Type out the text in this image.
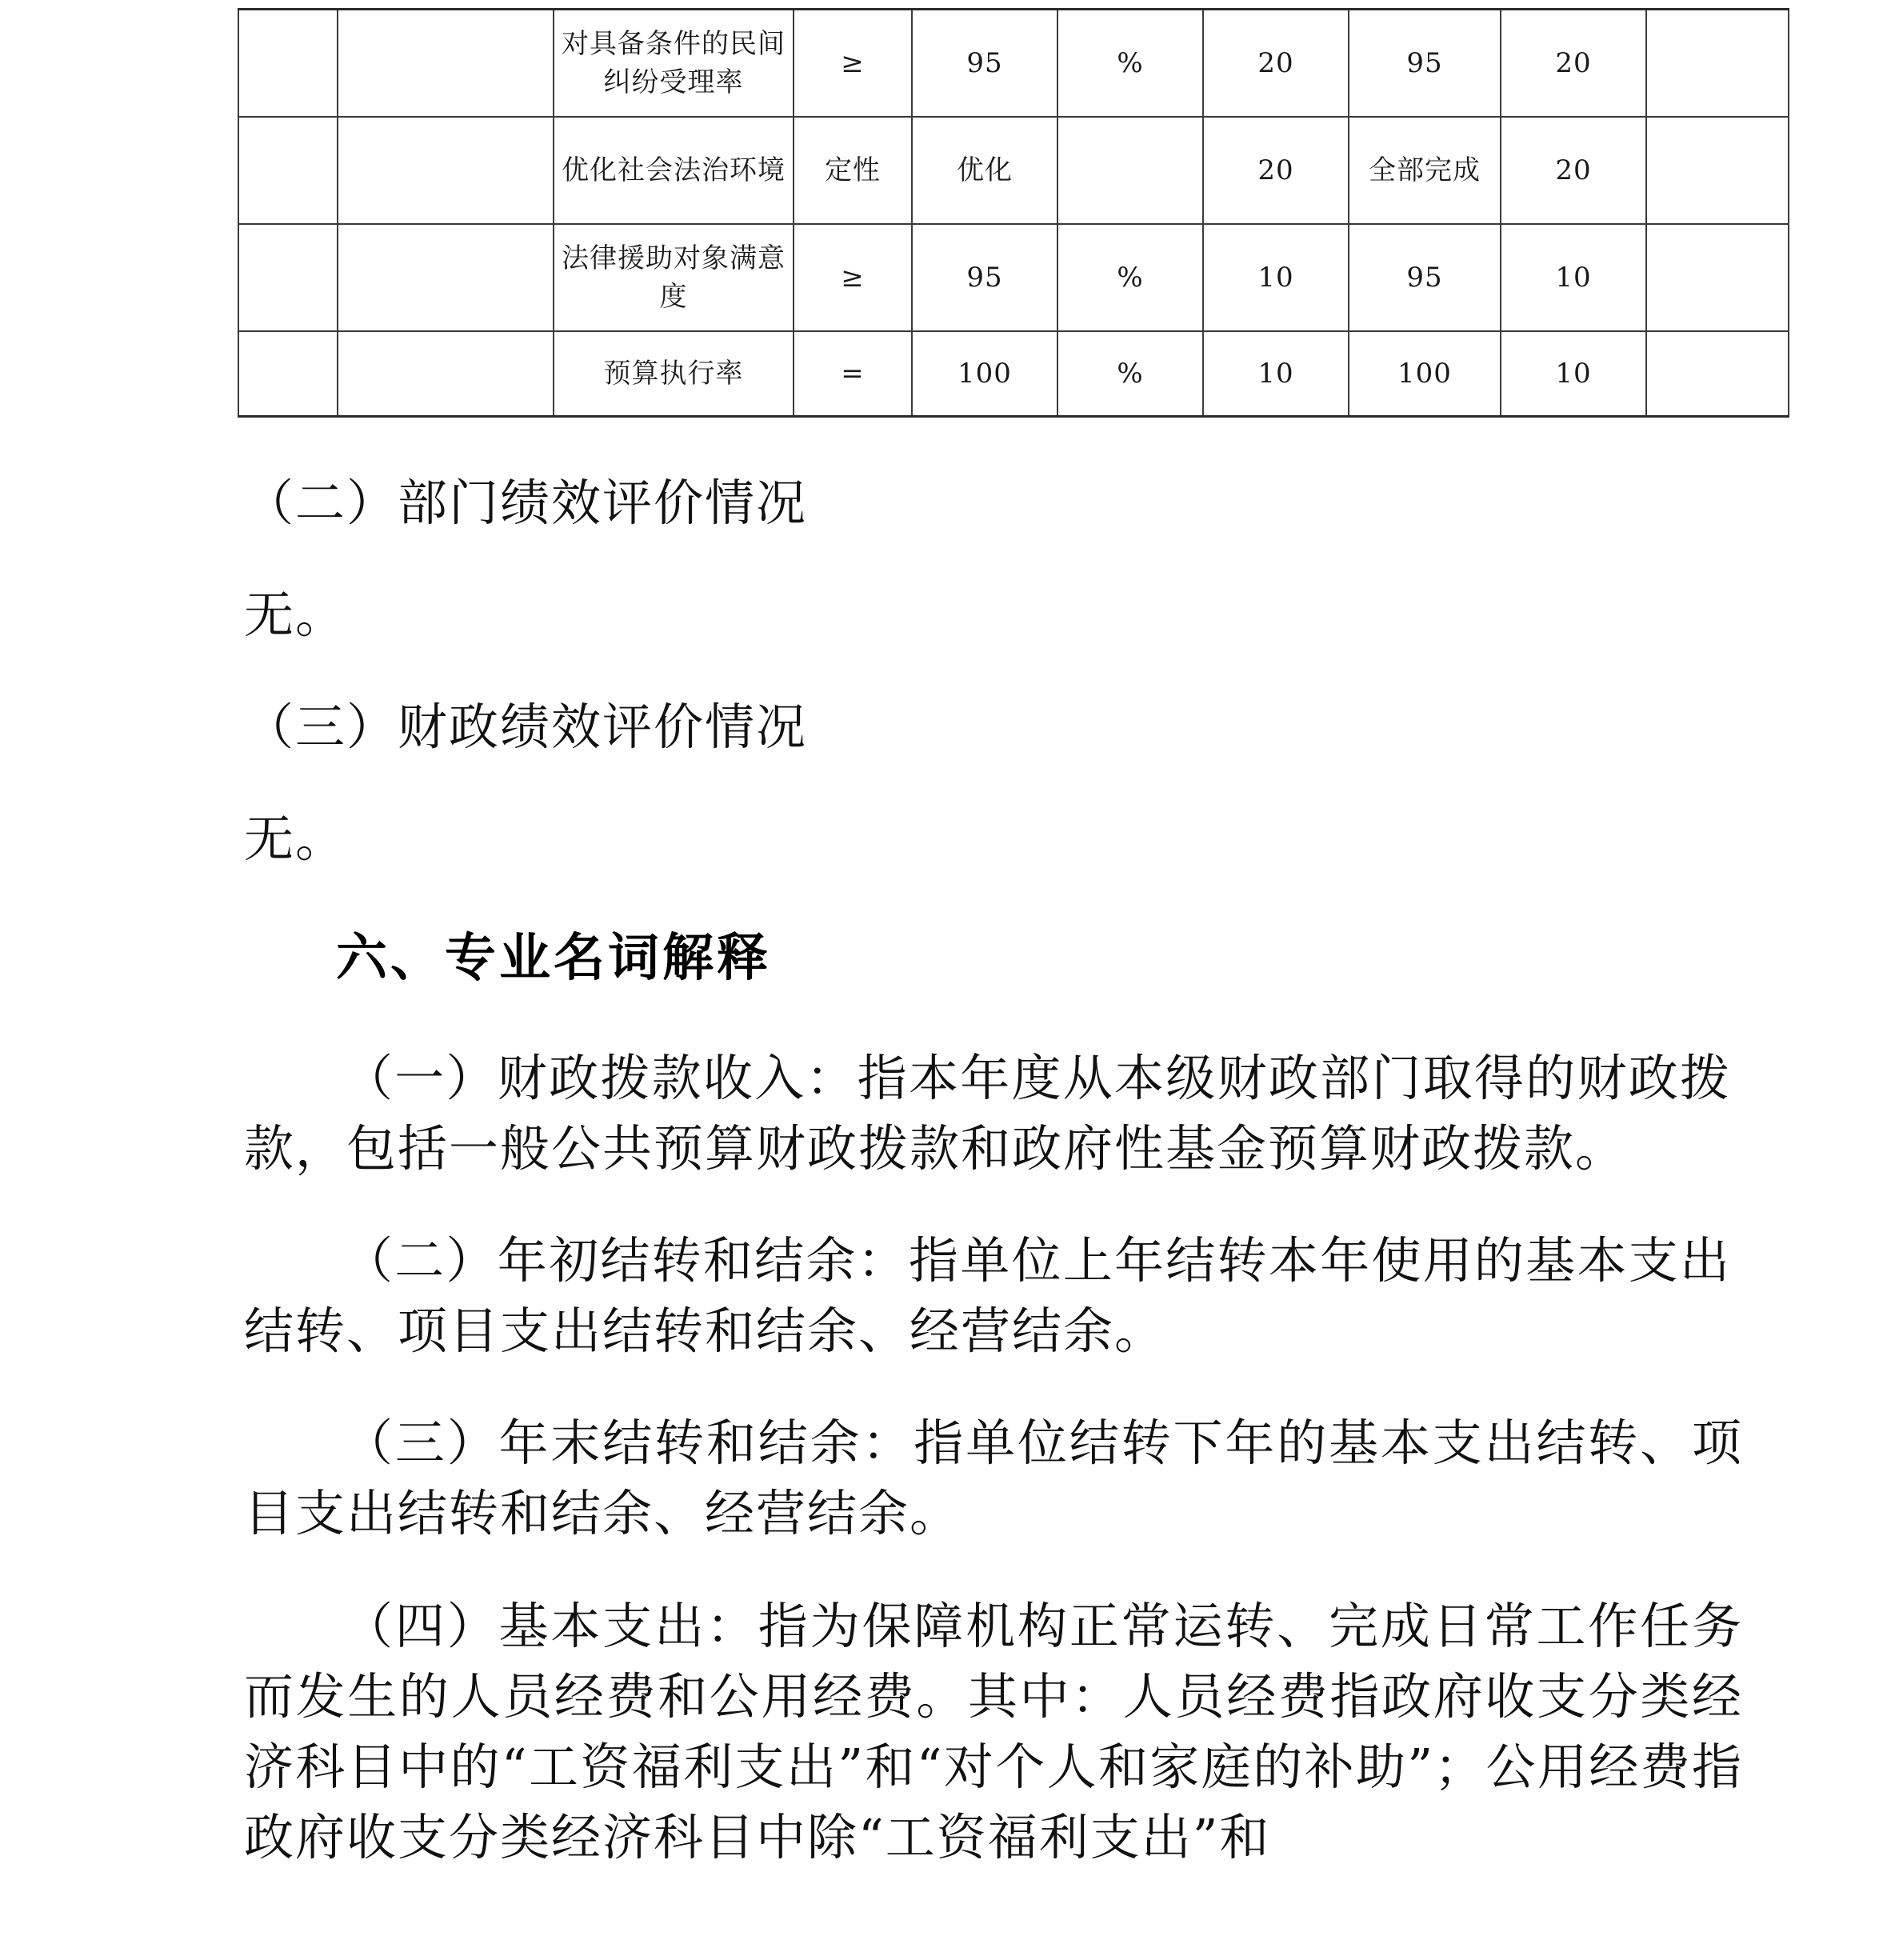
		对具备条件的民间纠纷受理率	≥	95	%	20	95	20	
		优化社会法治环境	定性	优化		20	全部完成	20	
		法律援助对象满意度	≥	95	%	10	95	10	
		预算执行率	=	100	%	10	100	10	

（二）部门绩效评价情况

无。

（三）财政绩效评价情况

无。

六、专业名词解释

（一）财政拨款收入：指本年度从本级财政部门取得的财政拨款，包括一般公共预算财政拨款和政府性基金预算财政拨款。

（二）年初结转和结余：指单位上年结转本年使用的基本支出结转、项目支出结转和结余、经营结余。

（三）年末结转和结余：指单位结转下年的基本支出结转、项目支出结转和结余、经营结余。

（四）基本支出：指为保障机构正常运转、完成日常工作任务而发生的人员经费和公用经费。其中：人员经费指政府收支分类经济科目中的“工资福利支出”和“对个人和家庭的补助”；公用经费指政府收支分类经济科目中除“工资福利支出”和
